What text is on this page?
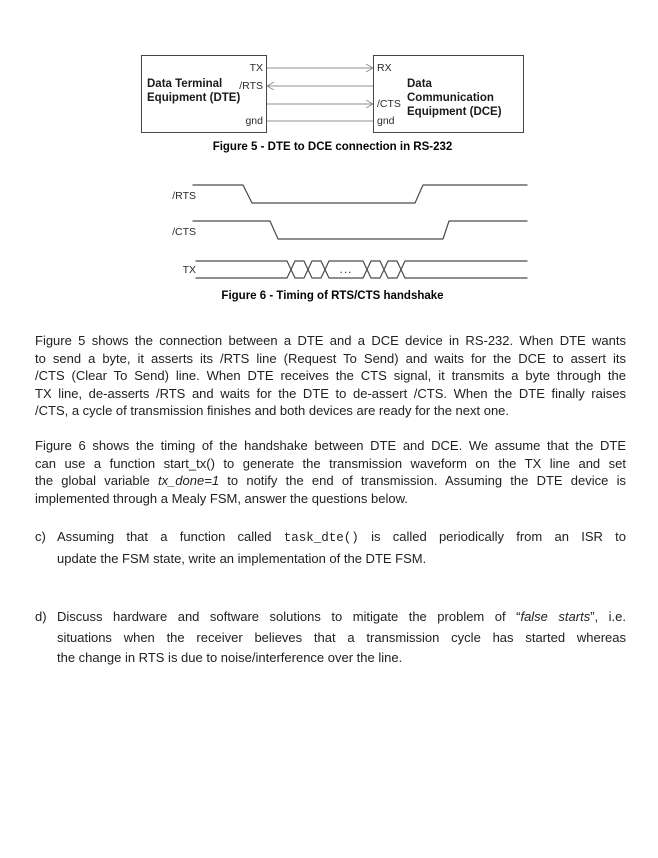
Data Terminal Equipment (DTE)
Data Communication Equipment (DCE)
TX
/RTS
gnd
RX
/CTS
gnd
Figure 5 - DTE to DCE connection in RS-232
/RTS
/CTS
TX	...
Figure 6 - Timing of RTS/CTS handshake
Figure 5 shows the connection between a DTE and a DCE device in RS-232. When DTE wants
to send a byte, it asserts its /RTS line (Request To Send) and waits for the DCE to assert its
/CTS (Clear To Send) line. When DTE receives the CTS signal, it transmits a byte through the
TX line, de-asserts /RTS and waits for the DTE to de-assert /CTS. When the DTE finally raises
/CTS, a cycle of transmission finishes and both devices are ready for the next one.
Figure 6 shows the timing of the handshake between DTE and DCE. We assume that the DTE
can use a function start_tx() to generate the transmission waveform on the TX line and set
the global variable tx_done=1 to notify the end of transmission. Assuming the DTE device is
implemented through a Mealy FSM, answer the questions below.
c) Assuming that a function called task_dte() is called periodically from an ISR to
update the FSM state, write an implementation of the DTE FSM.
d) Discuss hardware and software solutions to mitigate the problem of “false starts”, i.e.
situations when the receiver believes that a transmission cycle has started whereas
the change in RTS is due to noise/interference over the line.
